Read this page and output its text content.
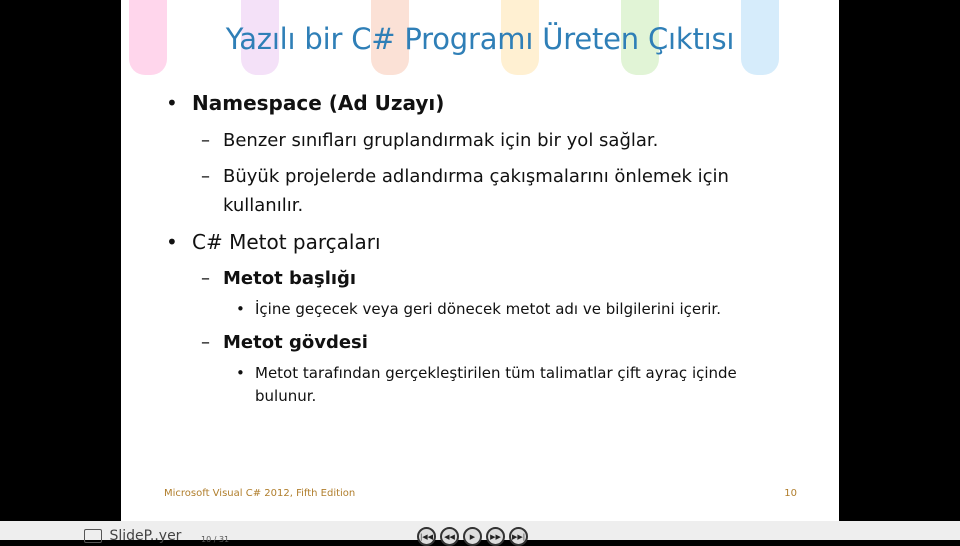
Yazılı bir C# Programı Üreten Çıktısı
• Namespace (Ad Uzayı)
– Benzer sınıfları gruplandırmak için bir yol sağlar.
– Büyük projelerde adlandırma çakışmalarını önlemek için kullanılır.
• C# Metot parçaları
– Metot başlığı
• İçine geçecek veya geri dönecek metot adı ve bilgilerini içerir.
– Metot gövdesi
• Metot tarafından gerçekleştirilen tüm talimatlar çift ayraç içinde bulunur.
Microsoft Visual C# 2012, Fifth Edition	10
SlideP..yer 10 / 31	|◀◀	◀◀	▶	▶▶	▶▶|
